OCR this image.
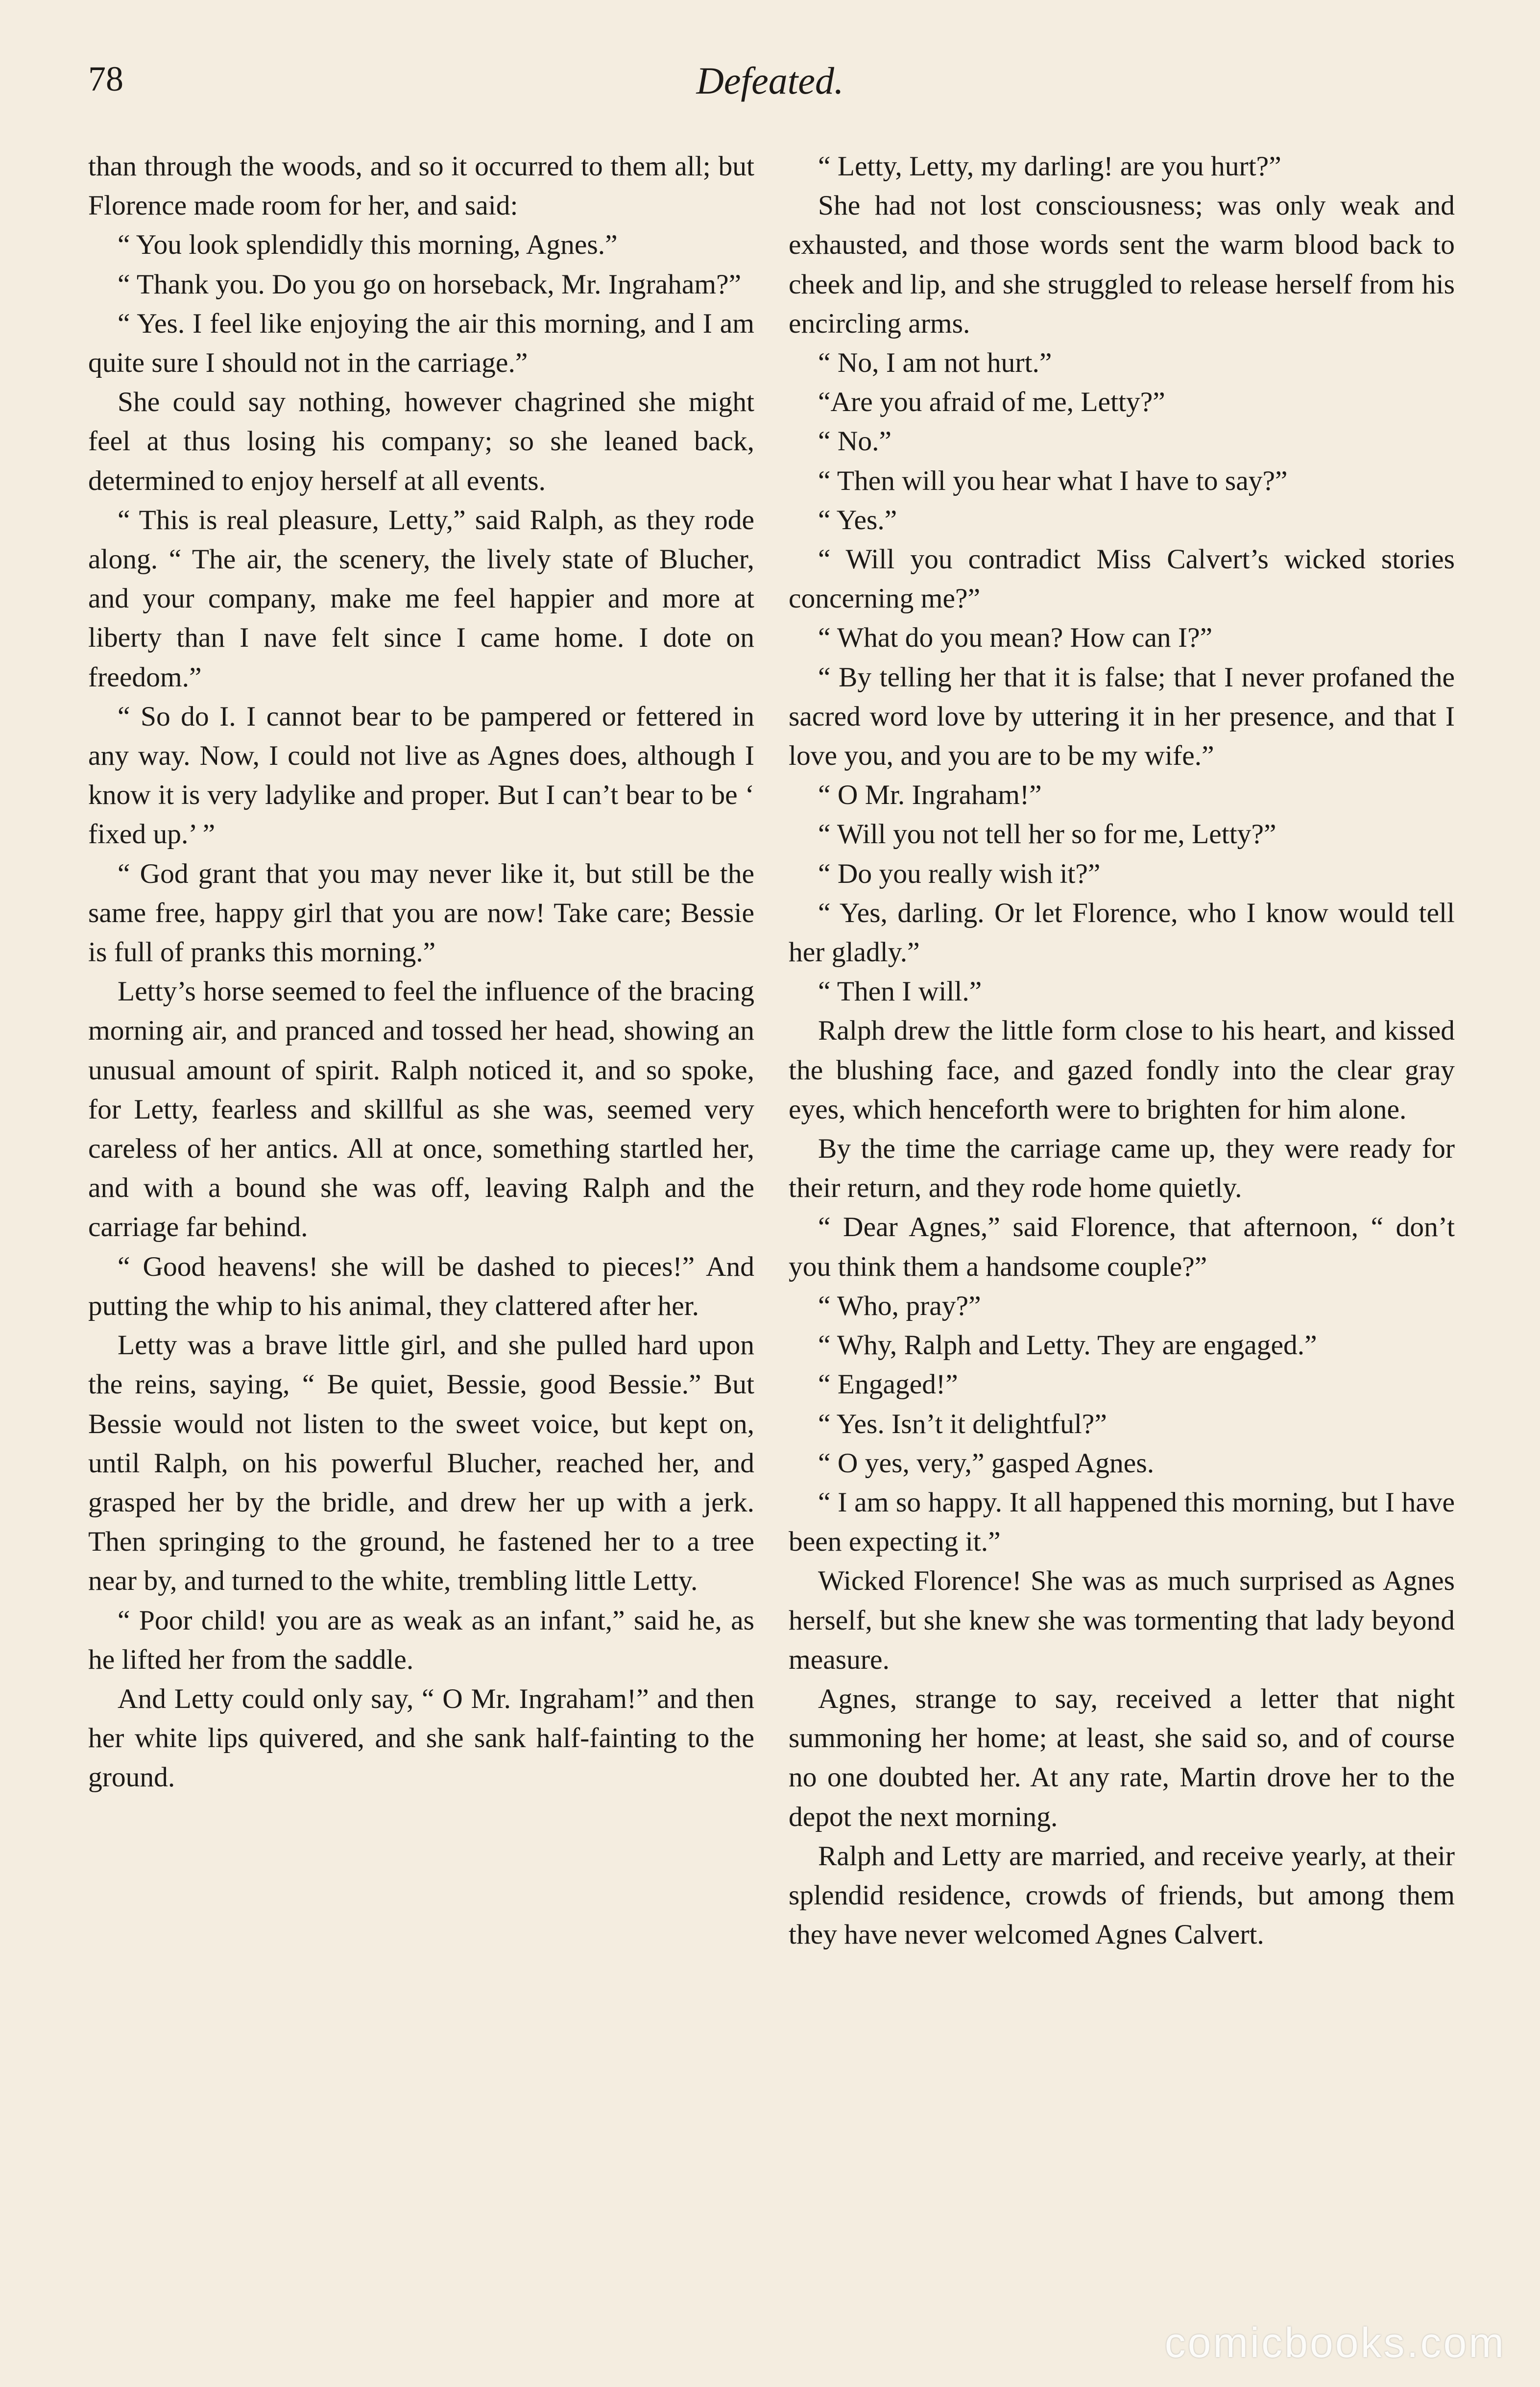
78	Defeated.

than through the woods, and so it occurred to them all; but Florence made room for her, and said:

“ You look splendidly this morning, Agnes.”

“ Thank you. Do you go on horseback, Mr. Ingraham?”

“ Yes. I feel like enjoying the air this morning, and I am quite sure I should not in the carriage.”

She could say nothing, however chagrined she might feel at thus losing his company; so she leaned back, determined to enjoy herself at all events.

“ This is real pleasure, Letty,” said Ralph, as they rode along. “ The air, the scenery, the lively state of Blucher, and your company, make me feel happier and more at liberty than I nave felt since I came home. I dote on freedom.”

“ So do I. I cannot bear to be pampered or fettered in any way. Now, I could not live as Agnes does, although I know it is very ladylike and proper. But I can’t bear to be ‘ fixed up.’ ”

“ God grant that you may never like it, but still be the same free, happy girl that you are now! Take care; Bessie is full of pranks this morning.”

Letty’s horse seemed to feel the influence of the bracing morning air, and pranced and tossed her head, showing an unusual amount of spirit. Ralph noticed it, and so spoke, for Letty, fearless and skillful as she was, seemed very careless of her antics. All at once, something startled her, and with a bound she was off, leaving Ralph and the carriage far behind.

“ Good heavens! she will be dashed to pieces!” And putting the whip to his animal, they clattered after her.

Letty was a brave little girl, and she pulled hard upon the reins, saying, “ Be quiet, Bessie, good Bessie.” But Bessie would not listen to the sweet voice, but kept on, until Ralph, on his powerful Blucher, reached her, and grasped her by the bridle, and drew her up with a jerk. Then springing to the ground, he fastened her to a tree near by, and turned to the white, trembling little Letty.

“ Poor child! you are as weak as an infant,” said he, as he lifted her from the saddle.

And Letty could only say, “ O Mr. Ingraham!” and then her white lips quivered, and she sank half-fainting to the ground.

“ Letty, Letty, my darling! are you hurt?”

She had not lost consciousness; was only weak and exhausted, and those words sent the warm blood back to cheek and lip, and she struggled to release herself from his encircling arms.

“ No, I am not hurt.”

“Are you afraid of me, Letty?”

“ No.”

“ Then will you hear what I have to say?”

“ Yes.”

“ Will you contradict Miss Calvert’s wicked stories concerning me?”

“ What do you mean? How can I?”

“ By telling her that it is false; that I never profaned the sacred word love by uttering it in her presence, and that I love you, and you are to be my wife.”

“ O Mr. Ingraham!”

“ Will you not tell her so for me, Letty?”

“ Do you really wish it?”

“ Yes, darling. Or let Florence, who I know would tell her gladly.”

“ Then I will.”

Ralph drew the little form close to his heart, and kissed the blushing face, and gazed fondly into the clear gray eyes, which henceforth were to brighten for him alone.

By the time the carriage came up, they were ready for their return, and they rode home quietly.

“ Dear Agnes,” said Florence, that afternoon, “ don’t you think them a handsome couple?”

“ Who, pray?”

“ Why, Ralph and Letty. They are engaged.”

“ Engaged!”

“ Yes. Isn’t it delightful?”

“ O yes, very,” gasped Agnes.

“ I am so happy. It all happened this morning, but I have been expecting it.”

Wicked Florence! She was as much surprised as Agnes herself, but she knew she was tormenting that lady beyond measure.

Agnes, strange to say, received a letter that night summoning her home; at least, she said so, and of course no one doubted her. At any rate, Martin drove her to the depot the next morning.

Ralph and Letty are married, and receive yearly, at their splendid residence, crowds of friends, but among them they have never welcomed Agnes Calvert.

comicbooks.com
